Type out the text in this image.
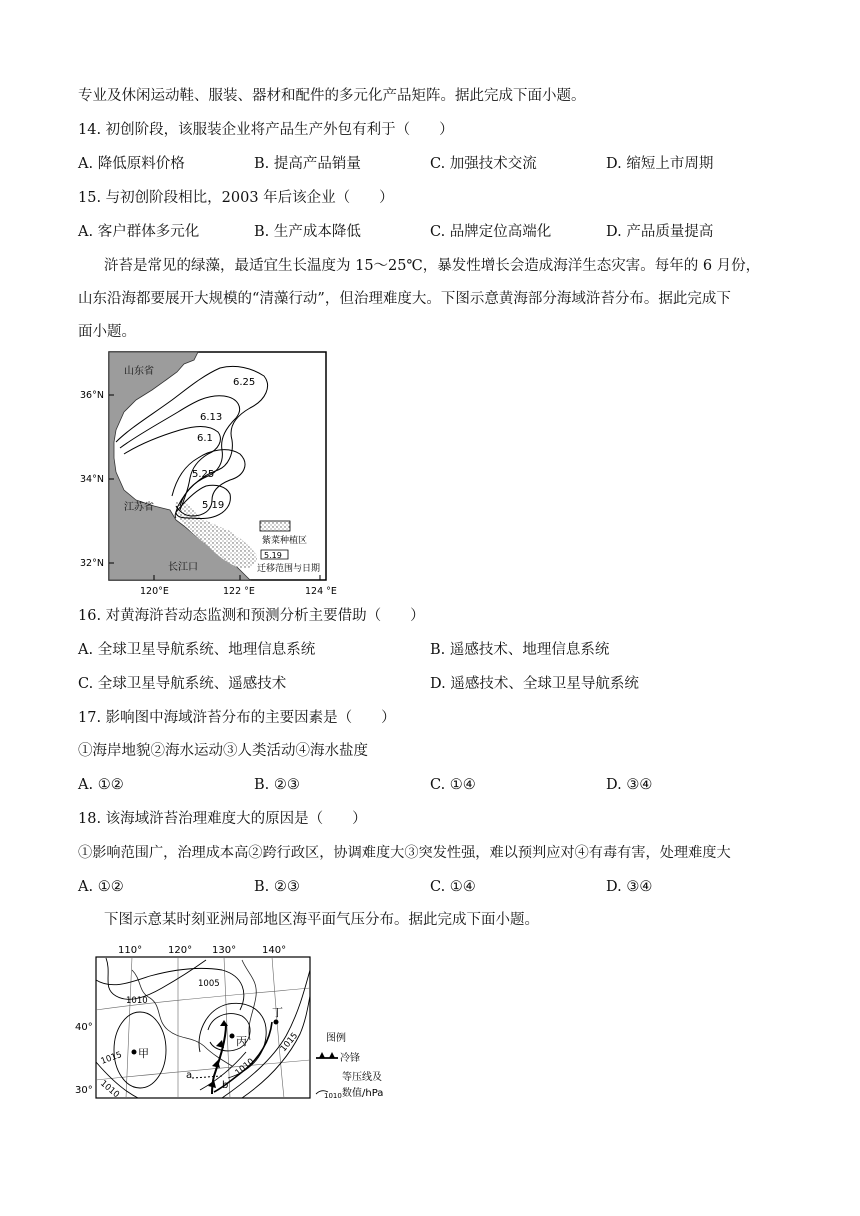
专业及休闲运动鞋、服装、器材和配件的多元化产品矩阵。据此完成下面小题。
14. 初创阶段，该服装企业将产品生产外包有利于（　　）
A. 降低原料价格	B. 提高产品销量	C. 加强技术交流	D. 缩短上市周期
15. 与初创阶段相比，2003 年后该企业（　　）
A. 客户群体多元化	B. 生产成本降低	C. 品牌定位高端化	D. 产品质量提高
浒苔是常见的绿藻，最适宜生长温度为 15～25℃，暴发性增长会造成海洋生态灾害。每年的 6 月份，
山东沿海都要展开大规模的“清藻行动”，但治理难度大。下图示意黄海部分海域浒苔分布。据此完成下
面小题。
6.25
6.13
6.1
5.25
5.19
山东省
江苏省
长江口
36°N
34°N
32°N
120°E	122 °E	124 °E
紫菜种植区
5.19
迁移范围与日期
16. 对黄海浒苔动态监测和预测分析主要借助（　　）
A. 全球卫星导航系统、地理信息系统	B. 遥感技术、地理信息系统
C. 全球卫星导航系统、遥感技术	D. 遥感技术、全球卫星导航系统
17. 影响图中海域浒苔分布的主要因素是（　　）
①海岸地貌②海水运动③人类活动④海水盐度
A. ①②	B. ②③	C. ①④	D. ③④
18. 该海域浒苔治理难度大的原因是（　　）
①影响范围广，治理成本高②跨行政区，协调难度大③突发性强，难以预判应对④有毒有害，处理难度大
A. ①②	B. ②③	C. ①④	D. ③④
下图示意某时刻亚洲局部地区海平面气压分布。据此完成下面小题。
110°	120° 130°	140°
40°
30°
1005
1010
1015
1010
1010
1015
甲
丙
丁
a
b
图例
冷锋
等压线及
1010 数值/hPa
